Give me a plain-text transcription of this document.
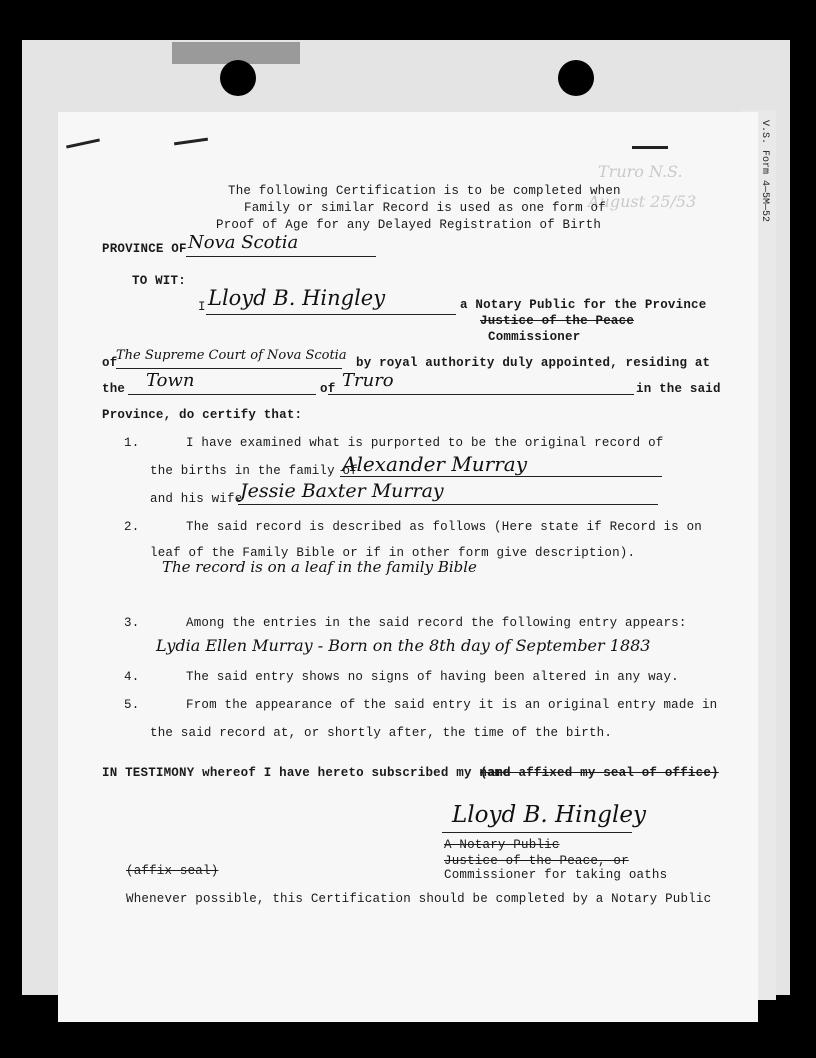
V.S. Form 4—5M—52
Truro N.S.
August 25/53
The following Certification is to be completed when
Family or similar Record is used as one form of
Proof of Age for any Delayed Registration of Birth
PROVINCE OF Nova Scotia
TO WIT:
I Lloyd B. Hingley	a Notary Public for the Province
Justice of the Peace
Commissioner
of
The Supreme Court of Nova Scotia by royal authority duly appointed, residing at
the Town	of Truro	in the said
Province, do certify that:
1.	I have examined what is purported to be the original record of
the births in the family of
Alexander Murray
and his wife
Jessie Baxter Murray
2.	The said record is described as follows (Here state if Record is on
leaf of the Family Bible or if in other form give description).
The record is on a leaf in the family Bible
3.	Among the entries in the said record the following entry appears:
Lydia Ellen Murray - Born on the 8th day of September 1883
4.	The said entry shows no signs of having been altered in any way.
5.	From the appearance of the said entry it is an original entry made in
the said record at, or shortly after, the time of the birth.
IN TESTIMONY whereof I have hereto subscribed my name
(and affixed my seal of office)
Lloyd B. Hingley
A Notary Public
Justice of the Peace, or
Commissioner for taking oaths
(affix seal)
Whenever possible, this Certification should be completed by a Notary Public
